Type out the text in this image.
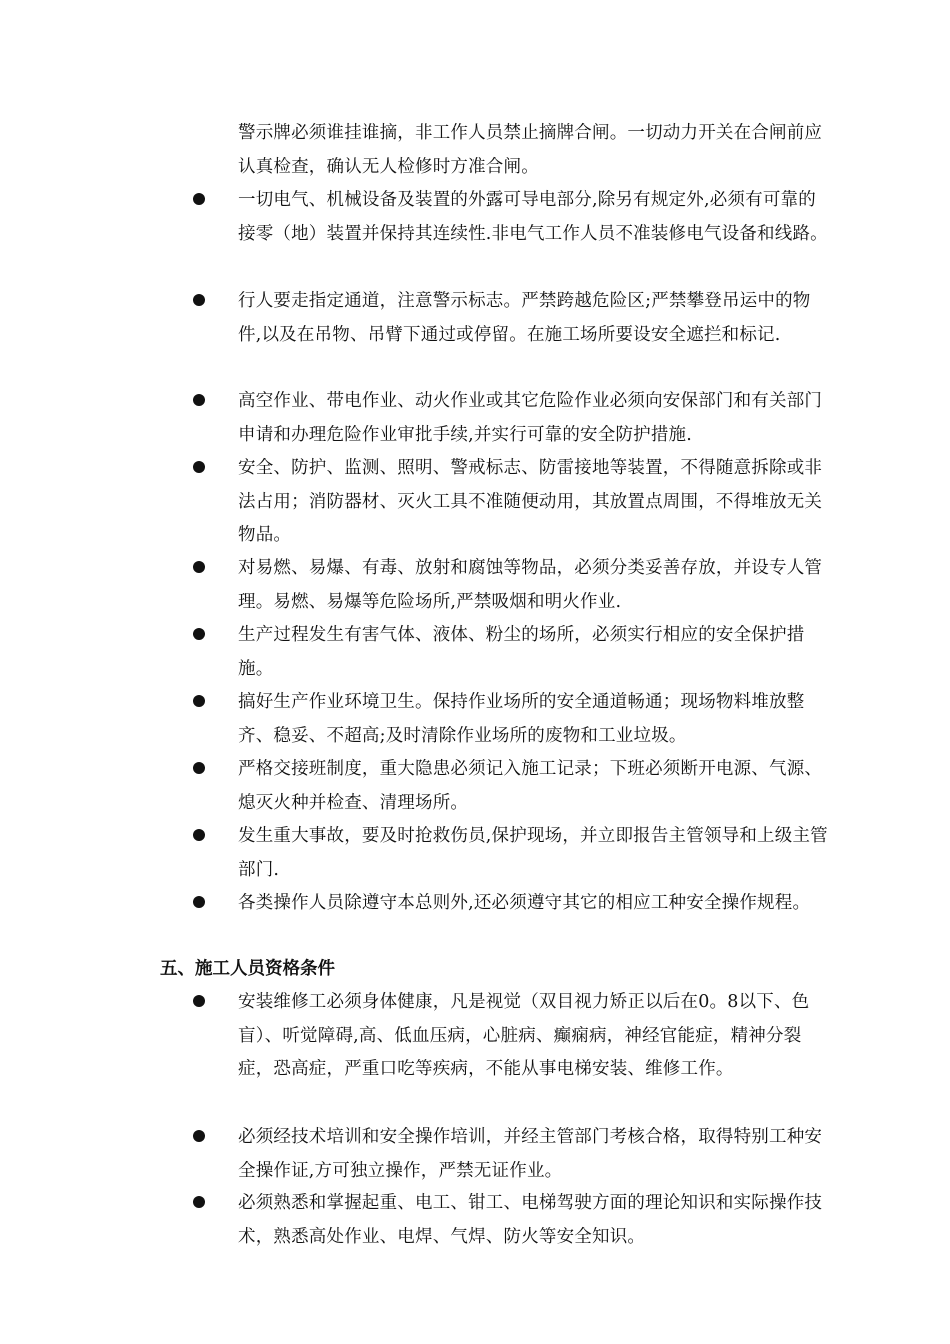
警示牌必须谁挂谁摘，非工作人员禁止摘牌合闸。一切动力开关在合闸前应认真检查，确认无人检修时方准合闸。
一切电气、机械设备及装置的外露可导电部分,除另有规定外,必须有可靠的接零（地）装置并保持其连续性.非电气工作人员不准装修电气设备和线路。
行人要走指定通道，注意警示标志。严禁跨越危险区;严禁攀登吊运中的物件,以及在吊物、吊臂下通过或停留。在施工场所要设安全遮拦和标记.
高空作业、带电作业、动火作业或其它危险作业必须向安保部门和有关部门申请和办理危险作业审批手续,并实行可靠的安全防护措施.
安全、防护、监测、照明、警戒标志、防雷接地等装置，不得随意拆除或非法占用；消防器材、灭火工具不准随便动用，其放置点周围，不得堆放无关物品。
对易燃、易爆、有毒、放射和腐蚀等物品，必须分类妥善存放，并设专人管理。易燃、易爆等危险场所,严禁吸烟和明火作业.
生产过程发生有害气体、液体、粉尘的场所，必须实行相应的安全保护措施。
搞好生产作业环境卫生。保持作业场所的安全通道畅通；现场物料堆放整齐、稳妥、不超高;及时清除作业场所的废物和工业垃圾。
严格交接班制度，重大隐患必须记入施工记录；下班必须断开电源、气源、熄灭火种并检查、清理场所。
发生重大事故，要及时抢救伤员,保护现场，并立即报告主管领导和上级主管部门.
各类操作人员除遵守本总则外,还必须遵守其它的相应工种安全操作规程。
五、施工人员资格条件
安装维修工必须身体健康，凡是视觉（双目视力矫正以后在0。8以下、色盲）、听觉障碍,高、低血压病，心脏病、癫痫病，神经官能症，精神分裂症，恐高症，严重口吃等疾病，不能从事电梯安装、维修工作。
必须经技术培训和安全操作培训，并经主管部门考核合格，取得特别工种安全操作证,方可独立操作，严禁无证作业。
必须熟悉和掌握起重、电工、钳工、电梯驾驶方面的理论知识和实际操作技术，熟悉高处作业、电焊、气焊、防火等安全知识。
